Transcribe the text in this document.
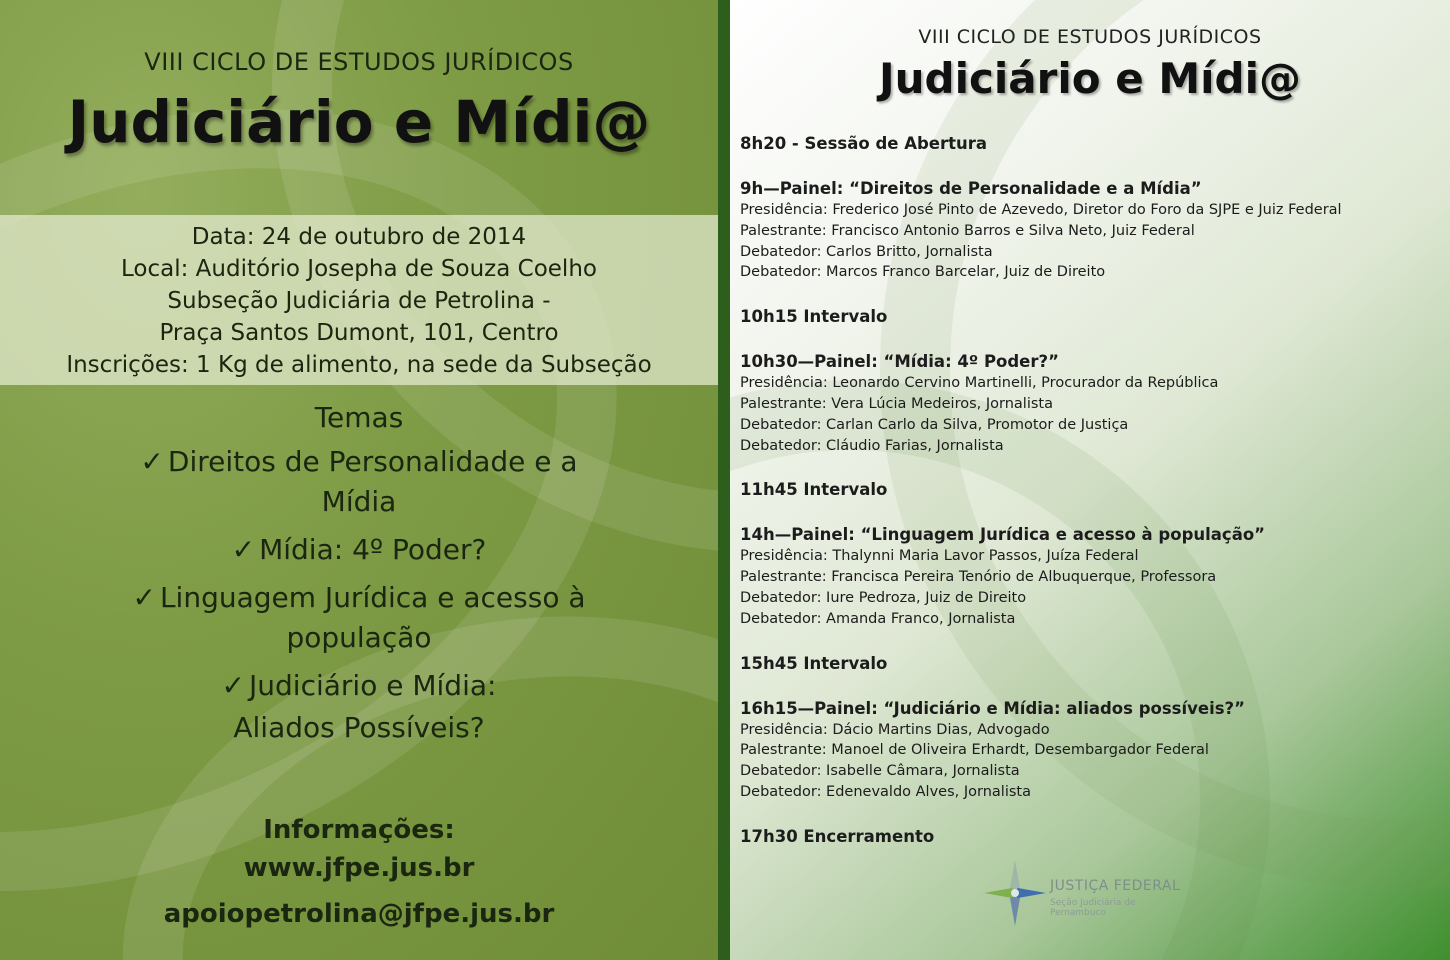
VIII CICLO DE ESTUDOS JURÍDICOS
Judiciário e Mídi@
Data: 24 de outubro de 2014
Local: Auditório Josepha de Souza Coelho
Subseção Judiciária de Petrolina -
Praça Santos Dumont, 101, Centro
Inscrições: 1 Kg de alimento, na sede da Subseção
Temas
✓ Direitos de Personalidade e a Mídia
✓ Mídia: 4º Poder?
✓ Linguagem Jurídica e acesso à população
✓ Judiciário e Mídia:
Aliados Possíveis?
Informações:
www.jfpe.jus.br
apoiopetrolina@jfpe.jus.br
VIII CICLO DE ESTUDOS JURÍDICOS
Judiciário e Mídi@
8h20 - Sessão de Abertura
9h—Painel: “Direitos de Personalidade e a Mídia”
Presidência: Frederico José Pinto de Azevedo, Diretor do Foro da SJPE e Juiz Federal
Palestrante: Francisco Antonio Barros e Silva Neto, Juiz Federal
Debatedor: Carlos Britto, Jornalista
Debatedor: Marcos Franco Barcelar, Juiz de Direito
10h15 Intervalo
10h30—Painel: “Mídia: 4º Poder?”
Presidência: Leonardo Cervino Martinelli, Procurador da República
Palestrante: Vera Lúcia Medeiros, Jornalista
Debatedor: Carlan Carlo da Silva, Promotor de Justiça
Debatedor: Cláudio Farias, Jornalista
11h45 Intervalo
14h—Painel: “Linguagem Jurídica e acesso à população”
Presidência: Thalynni Maria Lavor Passos, Juíza Federal
Palestrante: Francisca Pereira Tenório de Albuquerque, Professora
Debatedor: Iure Pedroza, Juiz de Direito
Debatedor: Amanda Franco, Jornalista
15h45 Intervalo
16h15—Painel: “Judiciário e Mídia: aliados possíveis?”
Presidência: Dácio Martins Dias, Advogado
Palestrante: Manoel de Oliveira Erhardt, Desembargador Federal
Debatedor: Isabelle Câmara, Jornalista
Debatedor: Edenevaldo Alves, Jornalista
17h30 Encerramento
JUSTIÇA FEDERAL
Seção Judiciária de Pernambuco
